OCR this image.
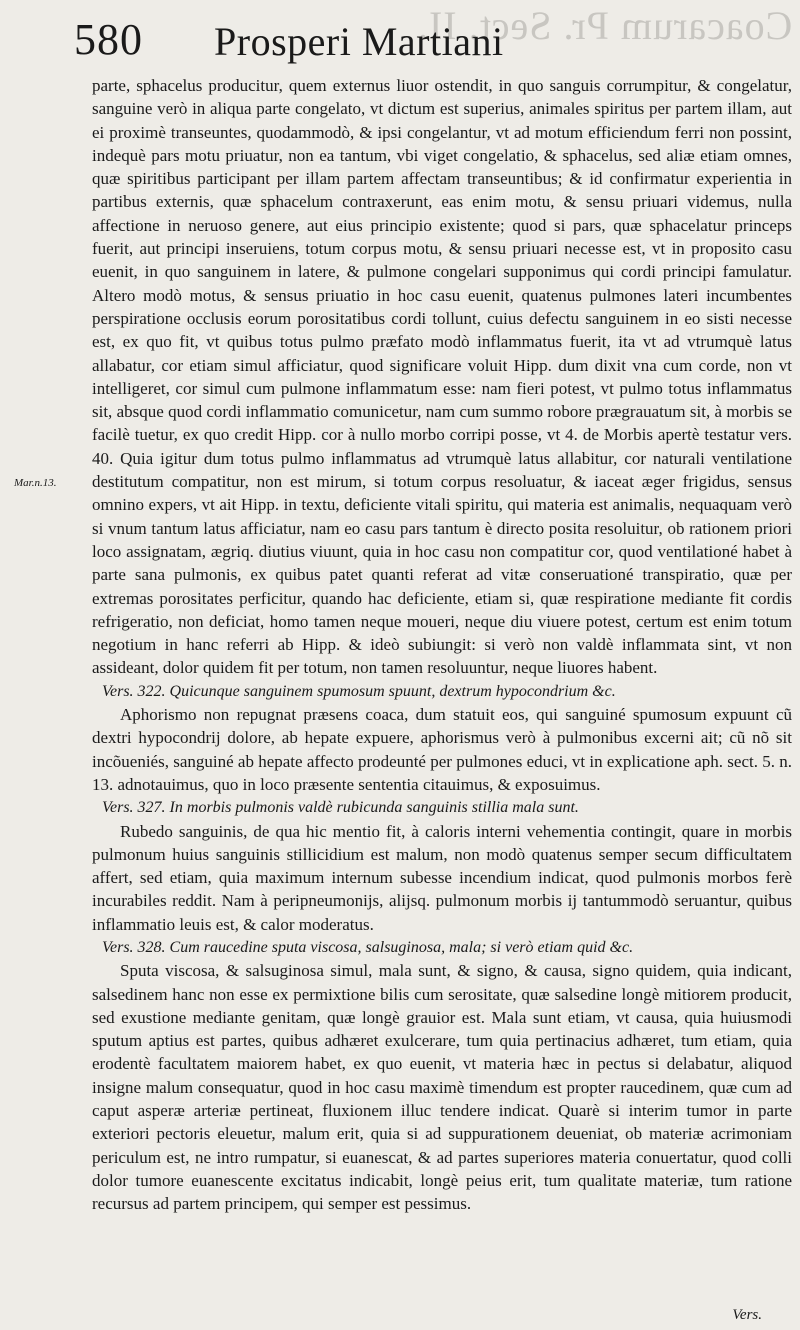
Coacarum Pr. Sect. II.
580 Prosperi Martiani
Mar.n.13.

parte, sphacelus producitur, quem externus liuor ostendit, in quo sanguis corrumpitur, & congelatur, sanguine verò in aliqua parte congelato, vt dictum est superius, animales spiritus per partem illam, aut ei proximè transeuntes, quodammodò, & ipsi congelantur, vt ad motum efficiendum ferri non possint, indequè pars motu priuatur, non ea tantum, vbi viget congelatio, & sphacelus, sed aliæ etiam omnes, quæ spiritibus participant per illam partem affectam transeuntibus; & id confirmatur experientia in partibus externis, quæ sphacelum contraxerunt, eas enim motu, & sensu priuari videmus, nulla affectione in neruoso genere, aut eius principio existente; quod si pars, quæ sphacelatur princeps fuerit, aut principi inseruiens, totum corpus motu, & sensu priuari necesse est, vt in proposito casu euenit, in quo sanguinem in latere, & pulmone congelari supponimus qui cordi principi famulatur. Altero modò motus, & sensus priuatio in hoc casu euenit, quatenus pulmones lateri incumbentes perspiratione occlusis eorum porositatibus cordi tollunt, cuius defectu sanguinem in eo sisti necesse est, ex quo fit, vt quibus totus pulmo præfato modò inflammatus fuerit, ita vt ad vtrumquè latus allabatur, cor etiam simul afficiatur, quod significare voluit Hipp. dum dixit vna cum corde, non vt intelligeret, cor simul cum pulmone inflammatum esse: nam fieri potest, vt pulmo totus inflammatus sit, absque quod cordi inflammatio comunicetur, nam cum summo robore prægrauatum sit, à morbis se facilè tuetur, ex quo credit Hipp. cor à nullo morbo corripi posse, vt 4. de Morbis apertè testatur vers. 40. Quia igitur dum totus pulmo inflammatus ad vtrumquè latus allabitur, cor naturali ventilatione destitutum compatitur, non est mirum, si totum corpus resoluatur, & iaceat æger frigidus, sensus omnino expers, vt ait Hipp. in textu, deficiente vitali spiritu, qui materia est animalis, nequaquam verò si vnum tantum latus afficiatur, nam eo casu pars tantum è directo posita resoluitur, ob rationem priori loco assignatam, ægriq. diutius viuunt, quia in hoc casu non compatitur cor, quod ventilationé habet à parte sana pulmonis, ex quibus patet quanti referat ad vitæ conseruationé transpiratio, quæ per extremas porositates perficitur, quando hac deficiente, etiam si, quæ respiratione mediante fit cordis refrigeratio, non deficiat, homo tamen neque moueri, neque diu viuere potest, certum est enim totum negotium in hanc referri ab Hipp. & ideò subiungit: si verò non valdè inflammata sint, vt non assideant, dolor quidem fit per totum, non tamen resoluuntur, neque liuores habent.

Vers. 322. Quicunque sanguinem spumosum spuunt, dextrum hypocondrium &c.

Aphorismo non repugnat præsens coaca, dum statuit eos, qui sanguiné spumosum expuunt cũ dextri hypocondrij dolore, ab hepate expuere, aphorismus verò à pulmonibus excerni ait; cũ nõ sit incõueniés, sanguiné ab hepate affecto prodeunté per pulmones educi, vt in explicatione aph. sect. 5. n. 13. adnotauimus, quo in loco præsente sententia citauimus, & exposuimus.

Vers. 327. In morbis pulmonis valdè rubicunda sanguinis stillia mala sunt.

Rubedo sanguinis, de qua hic mentio fit, à caloris interni vehementia contingit, quare in morbis pulmonum huius sanguinis stillicidium est malum, non modò quatenus semper secum difficultatem affert, sed etiam, quia maximum internum subesse incendium indicat, quod pulmonis morbos ferè incurabiles reddit. Nam à peripneumonijs, alijsq. pulmonum morbis ij tantummodò seruantur, quibus inflammatio leuis est, & calor moderatus.

Vers. 328. Cum raucedine sputa viscosa, salsuginosa, mala; si verò etiam quid &c.

Sputa viscosa, & salsuginosa simul, mala sunt, & signo, & causa, signo quidem, quia indicant, salsedinem hanc non esse ex permixtione bilis cum serositate, quæ salsedine longè mitiorem producit, sed exustione mediante genitam, quæ longè grauior est. Mala sunt etiam, vt causa, quia huiusmodi sputum aptius est partes, quibus adhæret exulcerare, tum quia pertinacius adhæret, tum etiam, quia erodentè facultatem maiorem habet, ex quo euenit, vt materia hæc in pectus si delabatur, aliquod insigne malum consequatur, quod in hoc casu maximè timendum est propter raucedinem, quæ cum ad caput asperæ arteriæ pertineat, fluxionem illuc tendere indicat. Quarè si interim tumor in parte exteriori pectoris eleuetur, malum erit, quia si ad suppurationem deueniat, ob materiæ acrimoniam periculum est, ne intro rumpatur, si euanescat, & ad partes superiores materia conuertatur, quod colli dolor tumore euanescente excitatus indicabit, longè peius erit, tum qualitate materiæ, tum ratione recursus ad partem principem, qui semper est pessimus.

Vers.
